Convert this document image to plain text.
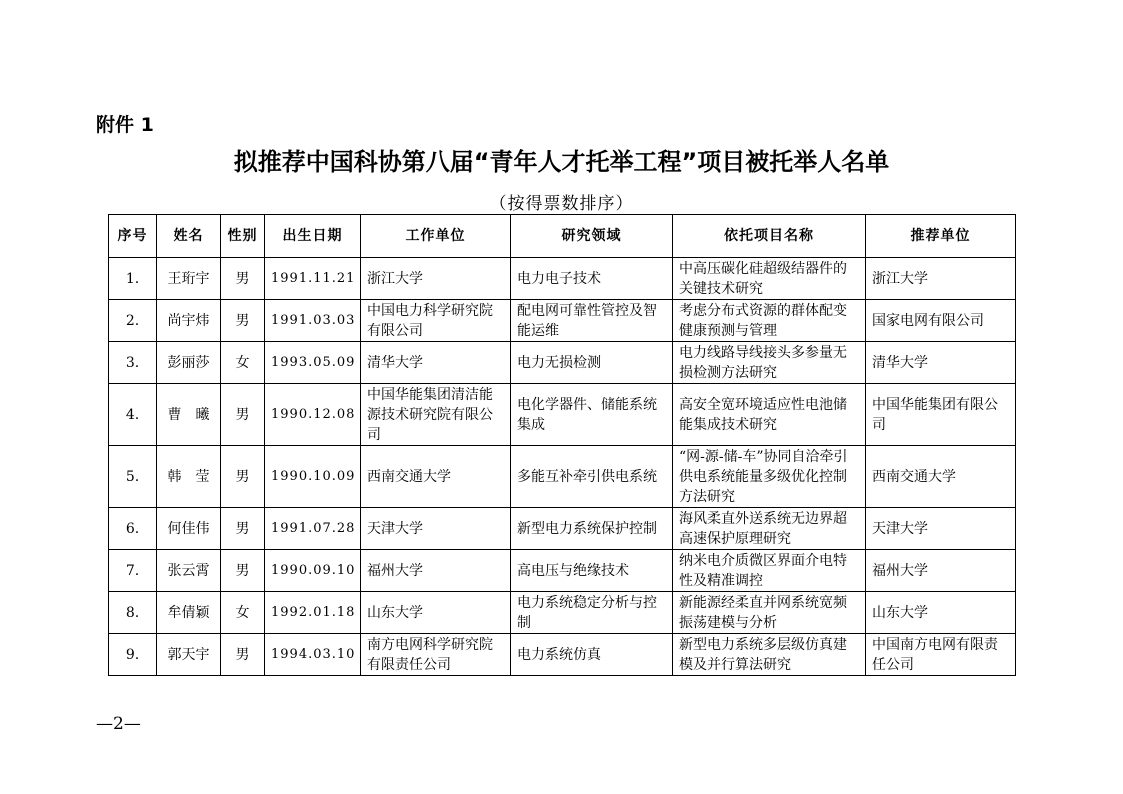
附件 1
拟推荐中国科协第八届“青年人才托举工程”项目被托举人名单
（按得票数排序）
序号	姓名	性别	出生日期	工作单位	研究领域	依托项目名称	推荐单位
1.	王珩宇	男	1991.11.21	浙江大学	电力电子技术	中高压碳化硅超级结器件的关键技术研究	浙江大学
2.	尚宇炜	男	1991.03.03	中国电力科学研究院有限公司	配电网可靠性管控及智能运维	考虑分布式资源的群体配变健康预测与管理	国家电网有限公司
3.	彭丽莎	女	1993.05.09	清华大学	电力无损检测	电力线路导线接头多参量无损检测方法研究	清华大学
4.	曹　曦	男	1990.12.08	中国华能集团清洁能源技术研究院有限公司	电化学器件、储能系统集成	高安全宽环境适应性电池储能集成技术研究	中国华能集团有限公司
5.	韩　莹	男	1990.10.09	西南交通大学	多能互补牵引供电系统	“网-源-储-车”协同自洽牵引供电系统能量多级优化控制方法研究	西南交通大学
6.	何佳伟	男	1991.07.28	天津大学	新型电力系统保护控制	海风柔直外送系统无边界超高速保护原理研究	天津大学
7.	张云霄	男	1990.09.10	福州大学	高电压与绝缘技术	纳米电介质微区界面介电特性及精准调控	福州大学
8.	牟倩颖	女	1992.01.18	山东大学	电力系统稳定分析与控制	新能源经柔直并网系统宽频振荡建模与分析	山东大学
9.	郭天宇	男	1994.03.10	南方电网科学研究院有限责任公司	电力系统仿真	新型电力系统多层级仿真建模及并行算法研究	中国南方电网有限责任公司
—2—
